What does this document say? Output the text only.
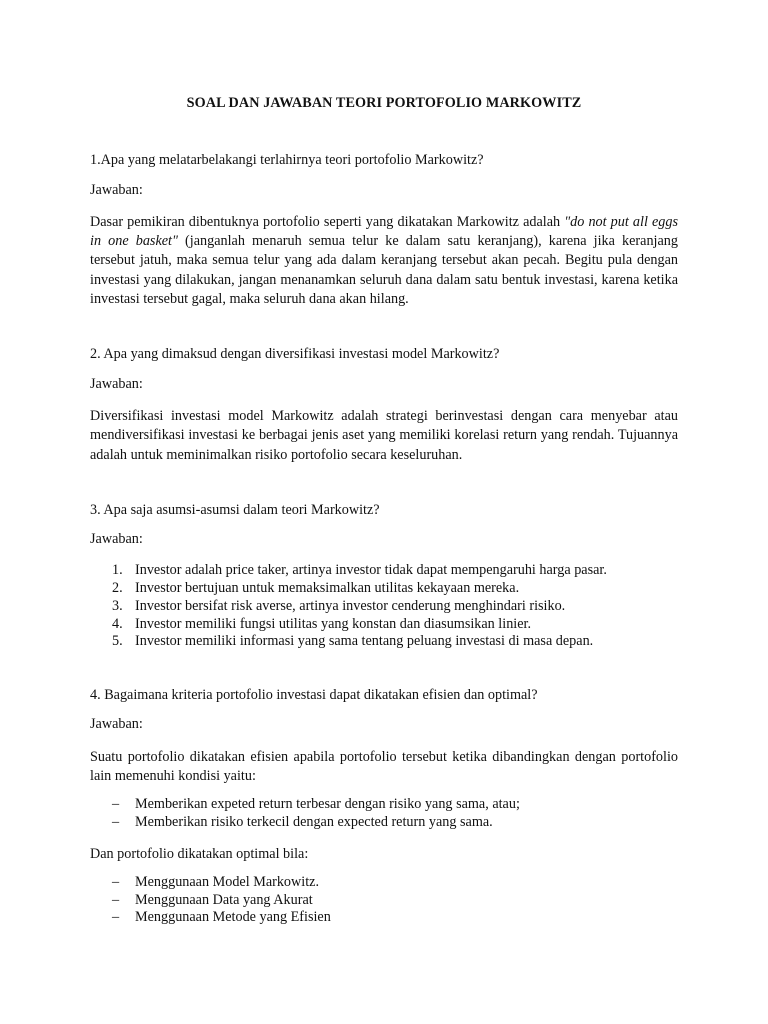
SOAL DAN JAWABAN TEORI PORTOFOLIO MARKOWITZ

1.Apa yang melatarbelakangi terlahirnya teori portofolio Markowitz?

Jawaban:

Dasar pemikiran dibentuknya portofolio seperti yang dikatakan Markowitz adalah "do not put all eggs in one basket" (janganlah menaruh semua telur ke dalam satu keranjang), karena jika keranjang tersebut jatuh, maka semua telur yang ada dalam keranjang tersebut akan pecah. Begitu pula dengan investasi yang dilakukan, jangan menanamkan seluruh dana dalam satu bentuk investasi, karena ketika investasi tersebut gagal, maka seluruh dana akan hilang.

2. Apa yang dimaksud dengan diversifikasi investasi model Markowitz?

Jawaban:

Diversifikasi investasi model Markowitz adalah strategi berinvestasi dengan cara menyebar atau mendiversifikasi investasi ke berbagai jenis aset yang memiliki korelasi return yang rendah. Tujuannya adalah untuk meminimalkan risiko portofolio secara keseluruhan.

3. Apa saja asumsi-asumsi dalam teori Markowitz?

Jawaban:

1. Investor adalah price taker, artinya investor tidak dapat mempengaruhi harga pasar.
2. Investor bertujuan untuk memaksimalkan utilitas kekayaan mereka.
3. Investor bersifat risk averse, artinya investor cenderung menghindari risiko.
4. Investor memiliki fungsi utilitas yang konstan dan diasumsikan linier.
5. Investor memiliki informasi yang sama tentang peluang investasi di masa depan.

4. Bagaimana kriteria portofolio investasi dapat dikatakan efisien dan optimal?

Jawaban:

Suatu portofolio dikatakan efisien apabila portofolio tersebut ketika dibandingkan dengan portofolio lain memenuhi kondisi yaitu:

– Memberikan expeted return terbesar dengan risiko yang sama, atau;
– Memberikan risiko terkecil dengan expected return yang sama.

Dan portofolio dikatakan optimal bila:

– Menggunaan Model Markowitz.
– Menggunaan Data yang Akurat
– Menggunaan Metode yang Efisien
